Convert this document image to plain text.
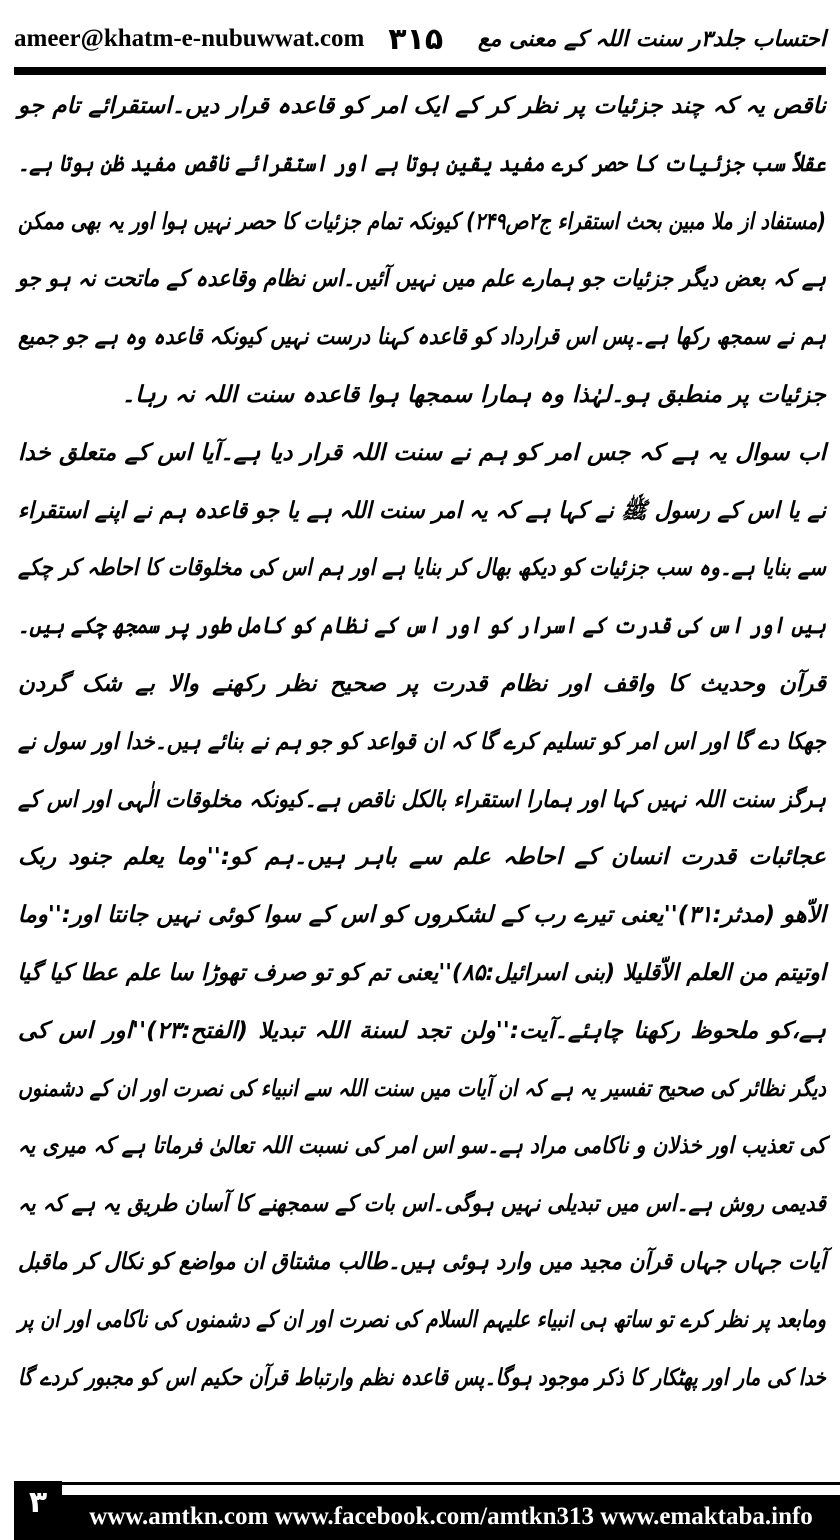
ameer@khatm-e-nubuwwat.com ۳۱۵ احتساب جلد۳ر سنت اللہ کے معنی مع
ناقص یہ کہ چند جزئیات پر نظر کر کے ایک امر کو قاعدہ قرار دیں۔استقرائے تام جو
عقلاً سب جزئیات کا حصر کرے مفید یقین ہوتا ہے اور استقرائے ناقص مفید ظن ہوتا ہے۔
(مستفاد از ملا مبین بحث استقراء ج۲ص۲۴۹) کیونکہ تمام جزئیات کا حصر نہیں ہوا اور یہ بھی ممکن
ہے کہ بعض دیگر جزئیات جو ہمارے علم میں نہیں آئیں۔اس نظام وقاعدہ کے ماتحت نہ ہو جو
ہم نے سمجھ رکھا ہے۔پس اس قرارداد کو قاعدہ کہنا درست نہیں کیونکہ قاعدہ وہ ہے جو جمیع
جزئیات پر منطبق ہو۔لہٰذا وہ ہمارا سمجھا ہوا قاعدہ سنت اللہ نہ رہا۔
اب سوال یہ ہے کہ جس امر کو ہم نے سنت اللہ قرار دیا ہے۔آیا اس کے متعلق خدا
نے یا اس کے رسول ﷺ نے کہا ہے کہ یہ امر سنت اللہ ہے یا جو قاعدہ ہم نے اپنے استقراء
سے بنایا ہے۔وہ سب جزئیات کو دیکھ بھال کر بنایا ہے اور ہم اس کی مخلوقات کا احاطہ کر چکے
ہیں اور اس کی قدرت کے اسرار کو اور اس کے نظام کو کامل طور پر سمجھ چکے ہیں۔
قرآن وحدیث کا واقف اور نظام قدرت پر صحیح نظر رکھنے والا بے شک گردن
جھکا دے گا اور اس امر کو تسلیم کرے گا کہ ان قواعد کو جو ہم نے بنائے ہیں۔خدا اور سول نے
ہرگز سنت اللہ نہیں کہا اور ہمارا استقراء بالکل ناقص ہے۔کیونکہ مخلوقات الٰہی اور اس کے
عجائبات قدرت انسان کے احاطہ علم سے باہر ہیں۔ہم کو:''وما یعلم جنود ربک
الاّھو (مدثر:۳۱)''یعنی تیرے رب کے لشکروں کو اس کے سوا کوئی نہیں جانتا اور:''وما
اوتیتم من العلم الاّقلیلا (بنی اسرائیل:۸۵)''یعنی تم کو تو صرف تھوڑا سا علم عطا کیا گیا
ہے،کو ملحوظ رکھنا چاہئے۔آیت:''ولن تجد لسنة اللہ تبدیلا (الفتح:۲۳)''اور اس کی
دیگر نظائر کی صحیح تفسیر یہ ہے کہ ان آیات میں سنت اللہ سے انبیاء کی نصرت اور ان کے دشمنوں
کی تعذیب اور خذلان و ناکامی مراد ہے۔سو اس امر کی نسبت اللہ تعالیٰ فرماتا ہے کہ میری یہ
قدیمی روش ہے۔اس میں تبدیلی نہیں ہوگی۔اس بات کے سمجھنے کا آسان طریق یہ ہے کہ یہ
آیات جہاں جہاں قرآن مجید میں وارد ہوئی ہیں۔طالب مشتاق ان مواضع کو نکال کر ماقبل
ومابعد پر نظر کرے تو ساتھ ہی انبیاء علیہم السلام کی نصرت اور ان کے دشمنوں کی ناکامی اور ان پر
خدا کی مار اور پھٹکار کا ذکر موجود ہوگا۔پس قاعدہ نظم وارتباط قرآن حکیم اس کو مجبور کردے گا
۳	www.amtkn.com www.facebook.com/amtkn313 www.emaktaba.info
